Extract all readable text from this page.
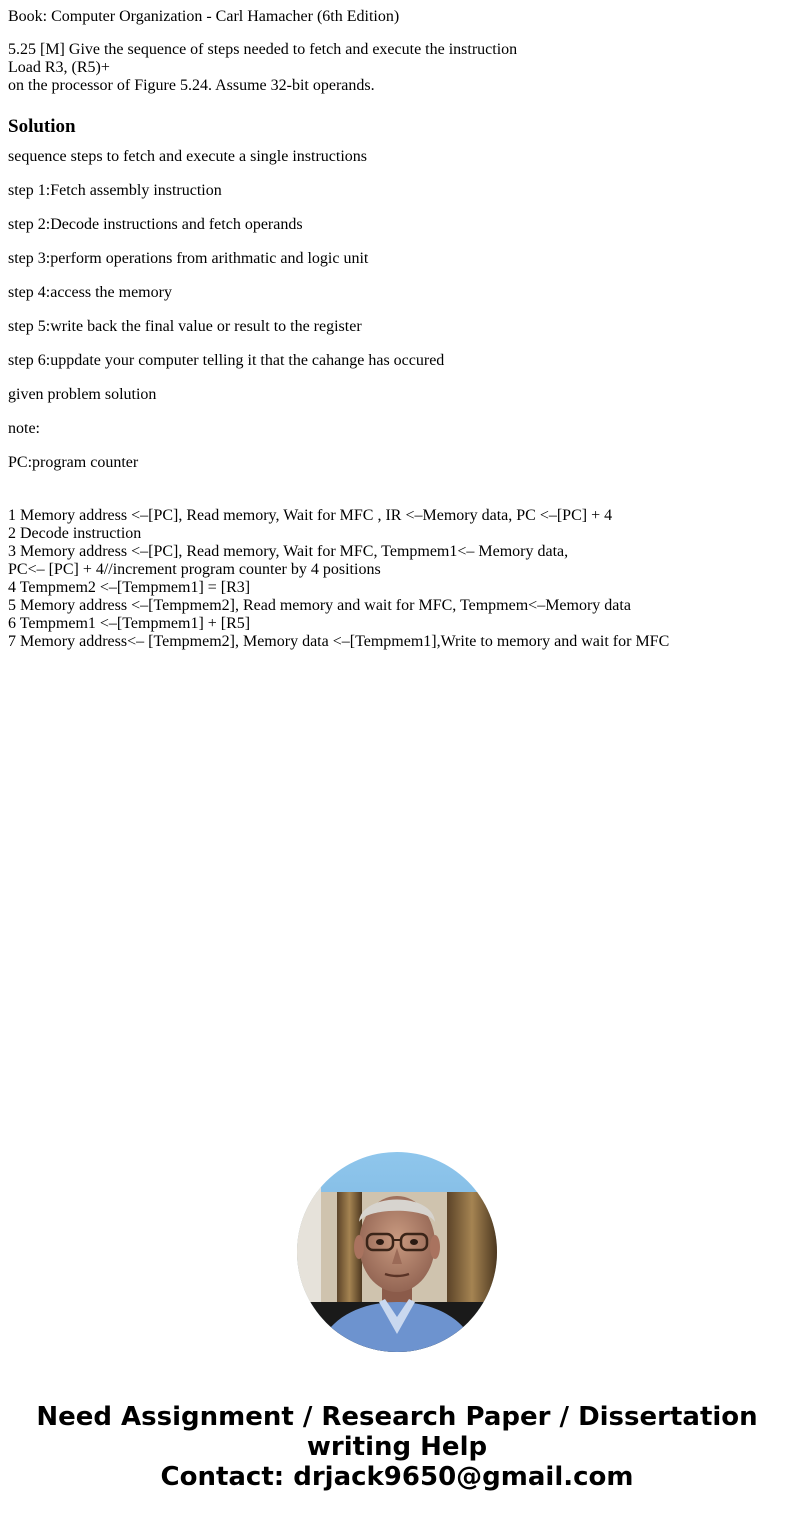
Book: Computer Organization - Carl Hamacher (6th Edition)

5.25 [M] Give the sequence of steps needed to fetch and execute the instruction
Load R3, (R5)+
on the processor of Figure 5.24. Assume 32-bit operands.
Solution

sequence steps to fetch and execute a single instructions

step 1:Fetch assembly instruction

step 2:Decode instructions and fetch operands

step 3:perform operations from arithmatic and logic unit

step 4:access the memory

step 5:write back the final value or result to the register

step 6:uppdate your computer telling it that the cahange has occured

given problem solution

note:

PC:program counter

1 Memory address <–[PC], Read memory, Wait for MFC , IR <–Memory data, PC <–[PC] + 4
2 Decode instruction
3 Memory address <–[PC], Read memory, Wait for MFC, Tempmem1<– Memory data,
PC<– [PC] + 4//increment program counter by 4 positions
4 Tempmem2 <–[Tempmem1] = [R3]
5 Memory address <–[Tempmem2], Read memory and wait for MFC, Tempmem<–Memory data
6 Tempmem1 <–[Tempmem1] + [R5]
7 Memory address<– [Tempmem2], Memory data <–[Tempmem1],Write to memory and wait for MFC
Need Assignment / Research Paper / Dissertation
writing Help
Contact: drjack9650@gmail.com
